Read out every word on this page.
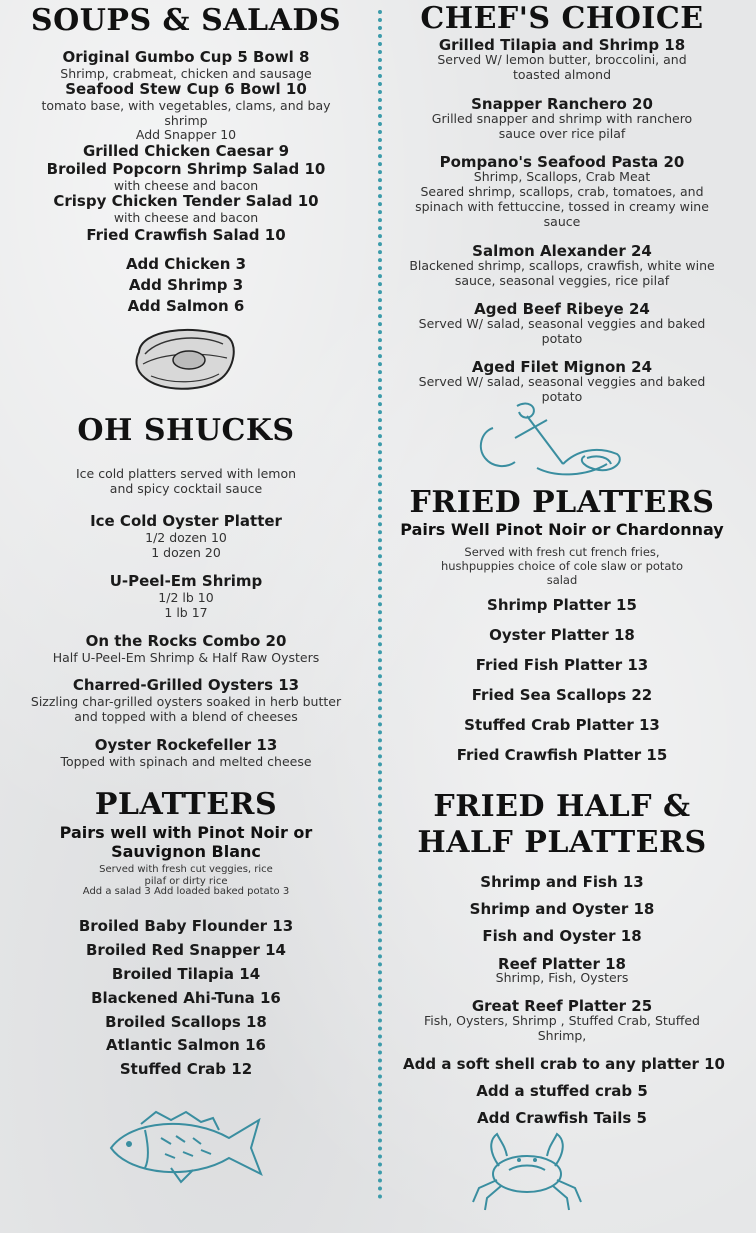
SOUPS & SALADS
Original Gumbo Cup 5 Bowl 8
Shrimp, crabmeat, chicken and sausage
Seafood Stew Cup 6 Bowl 10
tomato base, with vegetables, clams, and bay shrimp
Add Snapper 10
Grilled Chicken Caesar 9
Broiled Popcorn Shrimp Salad 10
with cheese and bacon
Crispy Chicken Tender Salad 10
with cheese and bacon
Fried Crawfish Salad 10
Add Chicken 3
Add Shrimp 3
Add Salmon 6
OH SHUCKS
Ice cold platters served with lemon and spicy cocktail sauce
Ice Cold Oyster Platter
1/2 dozen 10
1 dozen 20
U-Peel-Em Shrimp
1/2 lb 10
1 lb 17
On the Rocks Combo 20
Half U-Peel-Em Shrimp & Half Raw Oysters
Charred-Grilled Oysters 13
Sizzling char-grilled oysters soaked in herb butter and topped with a blend of cheeses
Oyster Rockefeller 13
Topped with spinach and melted cheese
PLATTERS
Pairs well with Pinot Noir or Sauvignon Blanc
Served with fresh cut veggies, rice pilaf or dirty rice
Add a salad 3 Add loaded baked potato 3
Broiled Baby Flounder 13
Broiled Red Snapper 14
Broiled Tilapia 14
Blackened Ahi-Tuna 16
Broiled Scallops 18
Atlantic Salmon 16
Stuffed Crab 12
CHEF'S CHOICE
Grilled Tilapia and Shrimp 18
Served W/ lemon butter, broccolini, and toasted almond
Snapper Ranchero 20
Grilled snapper and shrimp with ranchero sauce over rice pilaf
Pompano's Seafood Pasta 20
Shrimp, Scallops, Crab Meat
Seared shrimp, scallops, crab, tomatoes, and spinach with fettuccine, tossed in creamy wine sauce
Salmon Alexander 24
Blackened shrimp, scallops, crawfish, white wine sauce, seasonal veggies, rice pilaf
Aged Beef Ribeye 24
Served W/ salad, seasonal veggies and baked potato
Aged Filet Mignon 24
Served W/ salad, seasonal veggies and baked potato
FRIED PLATTERS
Pairs Well Pinot Noir or Chardonnay
Served with fresh cut french fries, hushpuppies choice of cole slaw or potato salad
Shrimp Platter 15
Oyster Platter 18
Fried Fish Platter 13
Fried Sea Scallops 22
Stuffed Crab Platter 13
Fried Crawfish Platter 15
FRIED HALF &
HALF PLATTERS
Shrimp and Fish 13
Shrimp and Oyster 18
Fish and Oyster 18
Reef Platter 18
Shrimp, Fish, Oysters
Great Reef Platter 25
Fish, Oysters, Shrimp , Stuffed Crab, Stuffed Shrimp,
Add a soft shell crab to any platter 10
Add a stuffed crab 5
Add Crawfish Tails 5
